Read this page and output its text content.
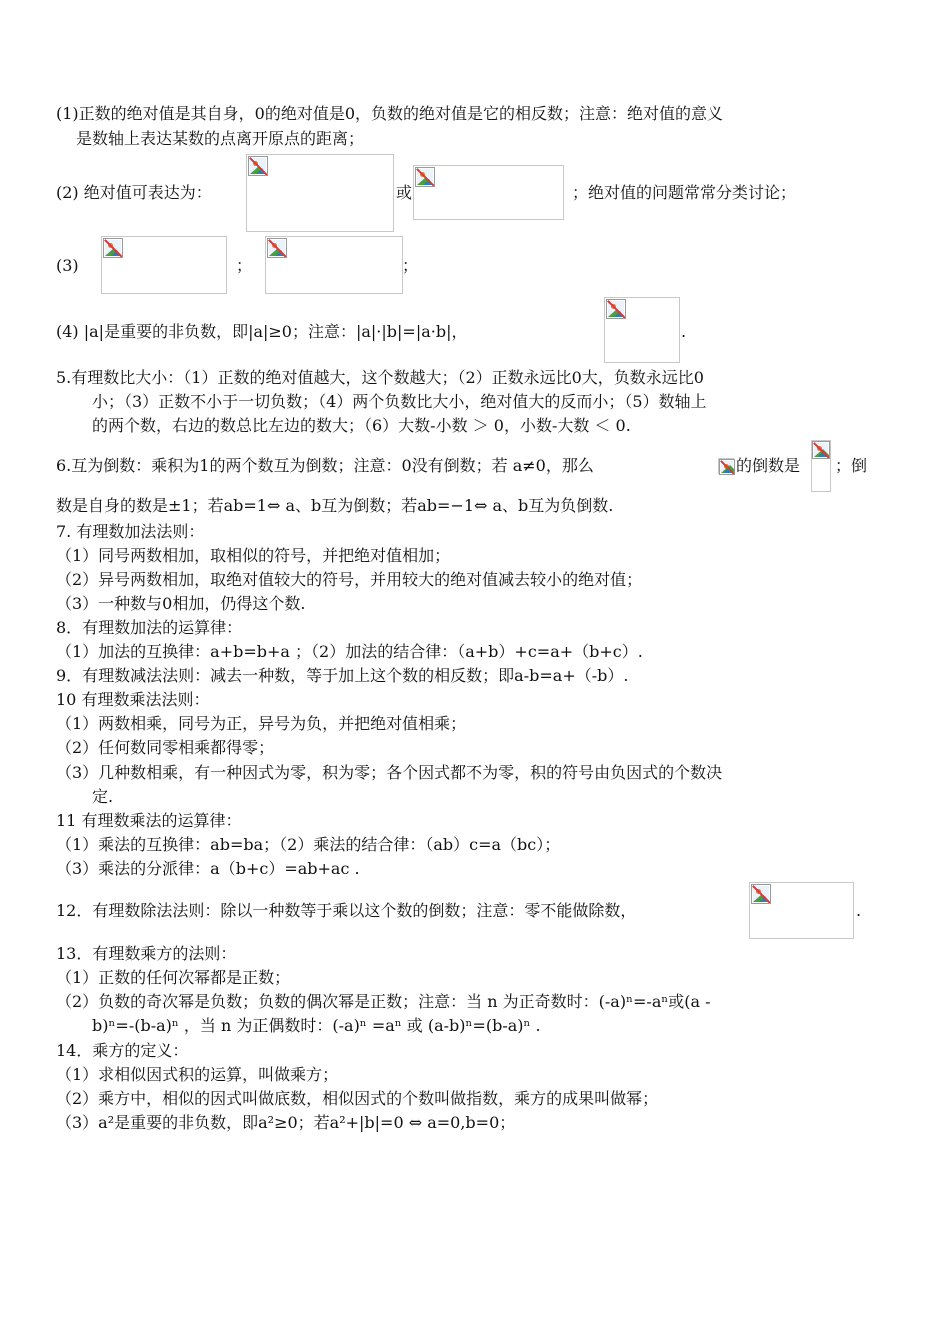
(1)正数的绝对值是其自身，0的绝对值是0，负数的绝对值是它的相反数；注意：绝对值的意义
是数轴上表达某数的点离开原点的距离；
(2) 绝对值可表达为：	或	；绝对值的问题常常分类讨论；
(3)	；	；
(4) |a|是重要的非负数，即|a|≥0；注意：|a|·|b|=|a·b|，	.
5.有理数比大小：（1）正数的绝对值越大，这个数越大；（2）正数永远比0大，负数永远比0
小；（3）正数不小于一切负数；（4）两个负数比大小，绝对值大的反而小；（5）数轴上
的两个数，右边的数总比左边的数大；（6）大数-小数 ＞ 0，小数-大数 ＜ 0.
6.互为倒数：乘积为1的两个数互为倒数；注意：0没有倒数；若 a≠0，那么	的倒数是 ；倒
数是自身的数是±1；若ab=1⇔ a、b互为倒数；若ab=−1⇔ a、b互为负倒数.
7. 有理数加法法则：
（1）同号两数相加，取相似的符号，并把绝对值相加；
（2）异号两数相加，取绝对值较大的符号，并用较大的绝对值减去较小的绝对值；
（3）一种数与0相加，仍得这个数.
8．有理数加法的运算律：
（1）加法的互换律：a+b=b+a ；（2）加法的结合律：（a+b）+c=a+（b+c）.
9．有理数减法法则：减去一种数，等于加上这个数的相反数；即a-b=a+（-b）.
10 有理数乘法法则：
（1）两数相乘，同号为正，异号为负，并把绝对值相乘；
（2）任何数同零相乘都得零；
（3）几种数相乘，有一种因式为零，积为零；各个因式都不为零，积的符号由负因式的个数决
定.
11 有理数乘法的运算律：
（1）乘法的互换律：ab=ba；（2）乘法的结合律：（ab）c=a（bc）；
（3）乘法的分派律：a（b+c）=ab+ac .
12．有理数除法法则：除以一种数等于乘以这个数的倒数；注意：零不能做除数，	.
13．有理数乘方的法则：
（1）正数的任何次幂都是正数；
（2）负数的奇次幂是负数；负数的偶次幂是正数；注意：当 n 为正奇数时：(-a)ⁿ=-aⁿ或(a -
b)ⁿ=-(b-a)ⁿ ，当 n 为正偶数时：(-a)ⁿ =aⁿ 或 (a-b)ⁿ=(b-a)ⁿ .
14．乘方的定义：
（1）求相似因式积的运算，叫做乘方；
（2）乘方中，相似的因式叫做底数，相似因式的个数叫做指数，乘方的成果叫做幂；
（3）a²是重要的非负数，即a²≥0；若a²+|b|=0 ⇔ a=0,b=0；
